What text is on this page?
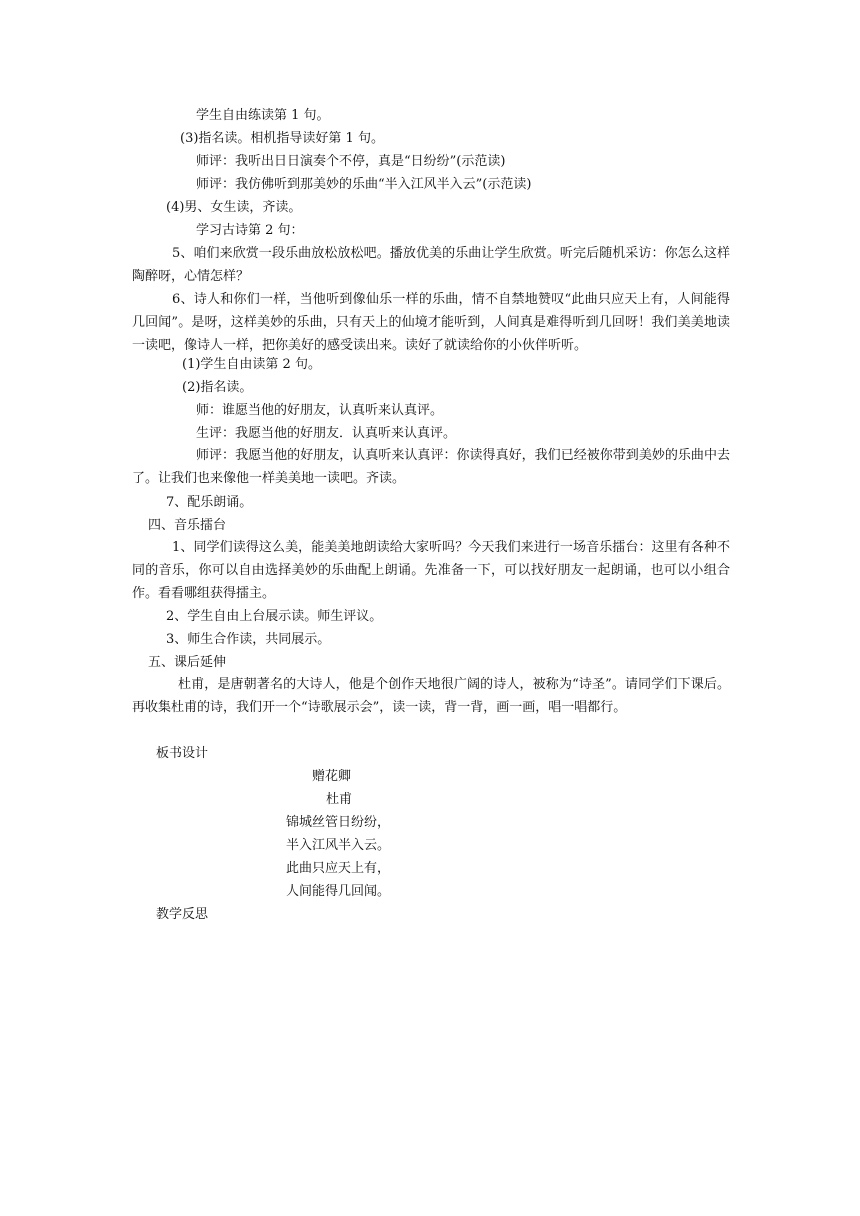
学生自由练读第 1 句。
(3)指名读。相机指导读好第 1 句。
师评：我听出日日演奏个不停，真是“日纷纷”(示范读)
师评：我仿佛听到那美妙的乐曲“半入江风半入云”(示范读)
(4)男、女生读，齐读。
学习古诗第 2 句：
5、咱们来欣赏一段乐曲放松放松吧。播放优美的乐曲让学生欣赏。听完后随机采访：你怎么这样陶醉呀，心情怎样？
6、诗人和你们一样，当他听到像仙乐一样的乐曲，情不自禁地赞叹“此曲只应天上有，人间能得几回闻”。是呀，这样美妙的乐曲，只有天上的仙境才能听到，人间真是难得听到几回呀！我们美美地读一读吧，像诗人一样，把你美好的感受读出来。读好了就读给你的小伙伴听听。
(1)学生自由读第 2 句。
(2)指名读。
师：谁愿当他的好朋友，认真听来认真评。
生评：我愿当他的好朋友．认真听来认真评。
师评：我愿当他的好朋友，认真听来认真评：你读得真好，我们已经被你带到美妙的乐曲中去了。让我们也来像他一样美美地一读吧。齐读。
7、配乐朗诵。
四、音乐擂台
1、同学们读得这么美，能美美地朗读给大家听吗？今天我们来进行一场音乐擂台：这里有各种不同的音乐，你可以自由选择美妙的乐曲配上朗诵。先准备一下，可以找好朋友一起朗诵，也可以小组合作。看看哪组获得擂主。
2、学生自由上台展示读。师生评议。
3、师生合作读，共同展示。
五、课后延伸
杜甫，是唐朝著名的大诗人，他是个创作天地很广阔的诗人，被称为“诗圣”。请同学们下课后。再收集杜甫的诗，我们开一个“诗歌展示会”，读一读，背一背，画一画，唱一唱都行。
板书设计
赠花卿
杜甫
锦城丝管日纷纷，
半入江风半入云。
此曲只应天上有，
人间能得几回闻。
教学反思
